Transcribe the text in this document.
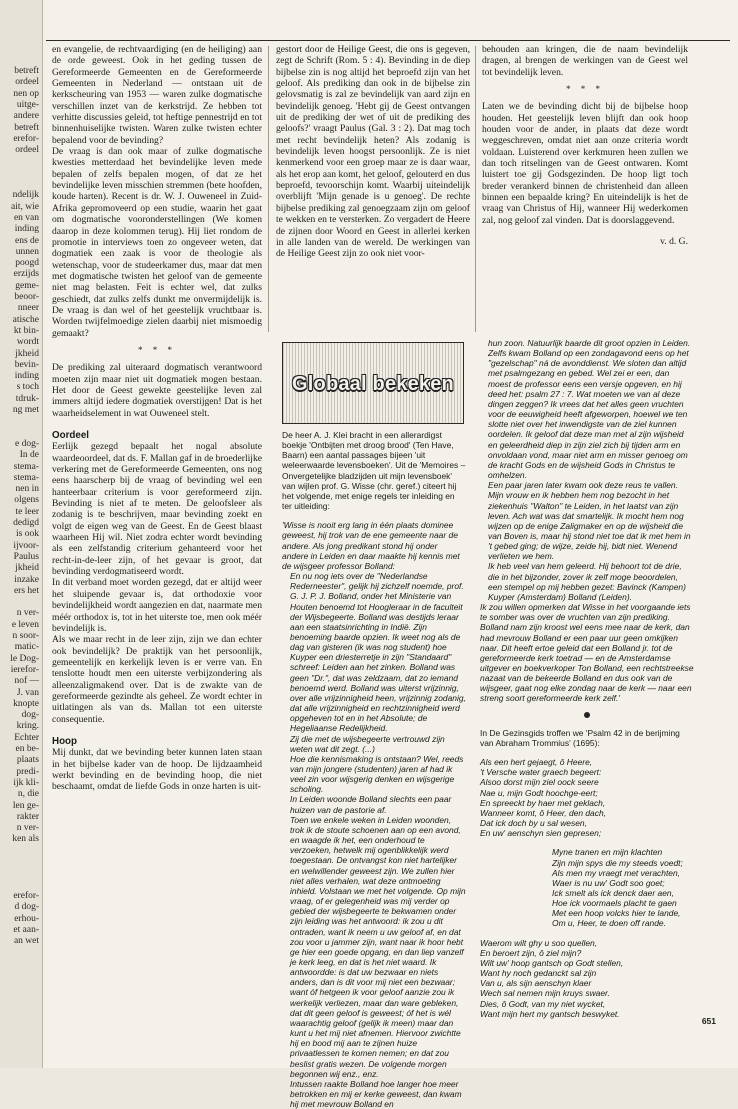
betreft
ordeel
nen op
uitge-
andere
betreft
erefor-
ordeel
ndelijk
ait, wie
en van
inding
ens de
unnen
poogd
erzijds
geme-
beoor-
nneer
atische
kt bin-
wordt
jkheid
bevin-
inding
s toch
tdruk-
ng met
e dog-
In de
stema-
stema-
nen in
olgens
te leer
dedigd
is ook
ijvoor-
Paulus
jkheid
inzake
ers het
n ver-
e leven
n soor-
matic-
le Dog-
ierefor-
nof —
J. van
knopte
dog-
kring.
Echter
en be-
plaats
predi-
ijk kli-
n, die
len ge-
rakter
n ver-
ken als
erefor-
d dog-
erhou-
et aan-
an wet

en evangelie, de rechtvaardiging (en de heiliging) aan de orde geweest. Ook in het geding tussen de Gereformeerde Gemeenten en de Gereformeerde Gemeenten in Nederland — ontstaan uit de kerkscheuring van 1953 — waren zulke dogmatische verschillen inzet van de kerkstrijd. Ze hebben tot verhitte discussies geleid, tot heftige pennestrijd en tot binnenhuiselijke twisten. Waren zulke twisten echter bepalend voor de bevinding?

De vraag is dan ook maar of zulke dogmatische kwesties metterdaad het bevindelijke leven mede bepalen of zelfs bepalen mogen, of dat ze het bevindelijke leven misschien stremmen (bete hoofden, koude harten). Recent is dr. W. J. Ouweneel in Zuid-Afrika gepromoveerd op een studie, waarin het gaat om dogmatische vooronderstellingen (We komen daarop in deze kolommen terug). Hij liet rondom de promotie in interviews toen zo ongeveer weten, dat dogmatiek een zaak is voor de theologie als wetenschap, voor de studeerkamer dus, maar dat men met dogmatische twisten het geloof van de gemeente niet mag belasten. Feit is echter wel, dat zulks geschiedt, dat zulks zelfs dunkt me onvermijdelijk is. De vraag is dan wel of het geestelijk vruchtbaar is. Worden twijfelmoedige zielen daarbij niet mismoedig gemaakt?

* * *

De prediking zal uiteraard dogmatisch verantwoord moeten zijn maar niet uit dogmatiek mogen bestaan. Het door de Geest gewekte geestelijke leven zal immers altijd iedere dogmatiek overstijgen! Dat is het waarheidselement in wat Ouweneel stelt.

Oordeel

Eerlijk gezegd bepaalt het nogal absolute waardeoordeel, dat ds. F. Mallan gaf in de broederlijke verkering met de Gereformeerde Gemeenten, ons nog eens haarscherp bij de vraag of bevinding wel een hanteerbaar criterium is voor gereformeerd zijn. Bevinding is niet af te meten. De geloofsleer als zodanig is te beschrijven, maar bevinding zoekt en volgt de eigen weg van de Geest. En de Geest blaast waarheen Hij wil. Niet zodra echter wordt bevinding als een zelfstandig criterium gehanteerd voor het recht-in-de-leer zijn, of het gevaar is groot, dat bevinding verdogmatiseerd wordt.

In dit verband moet worden gezegd, dat er altijd weer het sluipende gevaar is, dat orthodoxie voor bevindelijkheid wordt aangezien en dat, naarmate men méér orthodox is, tot in het uiterste toe, men ook méér bevindelijk is.

Als we maar recht in de leer zijn, zijn we dan echter ook bevindelijk? De praktijk van het persoonlijk, gemeentelijk en kerkelijk leven is er verre van. En tenslotte houdt men een uiterste verbijzondering als alleenzaligmakend over. Dat is de zwakte van de gereformeerde gezindte als geheel. Ze wordt echter in uitlatingen als van ds. Mallan tot een uiterste consequentie.

Hoop

Mij dunkt, dat we bevinding beter kunnen laten staan in het bijbelse kader van de hoop. De lijdzaamheid werkt bevinding en de bevinding hoop, die niet beschaamt, omdat de liefde Gods in onze harten is uit-

gestort door de Heilige Geest, die ons is gegeven, zegt de Schrift (Rom. 5 : 4). Bevinding in de diep bijbelse zin is nog altijd het beproefd zijn van het geloof. Als prediking dan ook in de bijbelse zin gelovsmatig is zal ze bevindelijk van aard zijn en bevindelijk genoeg. 'Hebt gij de Geest ontvangen uit de prediking der wet of uit de prediking des geloofs?' vraagt Paulus (Gal. 3 : 2). Dat mag toch met recht bevindelijk heten? Als zodanig is bevindelijk leven hoogst persoonlijk. Ze is niet kenmerkend voor een groep maar ze is daar waar, als het erop aan komt, het geloof, gelouterd en dus beproefd, tevoorschijn komt. Waarbij uiteindelijk overblijft 'Mijn genade is u genoeg'. De rechte bijbelse prediking zal genoegzaam zijn om geloof te wekken en te versterken. Zo vergadert de Heere de zijnen door Woord en Geest in allerlei kerken in alle landen van de wereld. De werkingen van de Heilige Geest zijn zo ook niet voor-

behouden aan kringen, die de naam bevindelijk dragen, al brengen de werkingen van de Geest wel tot bevindelijk leven.

* * *

Laten we de bevinding dicht bij de bijbelse hoop houden. Het geestelijk leven blijft dan ook hoop houden voor de ander, in plaats dat deze wordt weggeschreven, omdat niet aan onze criteria wordt voldaan. Luisterend over kerkmuren heen zullen we dan toch ritselingen van de Geest ontwaren. Komt luistert toe gij Godsgezinden. De hoop ligt toch breder verankerd binnen de christenheid dan alleen binnen een bepaalde kring? En uiteindelijk is het de vraag van Christus of Hij, wanneer Hij wederkomen zal, nog geloof zal vinden. Dat is doorslaggevend.

v. d. G.
Globaal bekeken

De heer A. J. Klei bracht in een allerardigst boekje 'Ontbijten met droog brood' (Ten Have, Baarn) een aantal passages bijeen 'uit weleerwaarde levensboeken'. Uit de 'Memoires – Onvergetelijke bladzijden uit mijn levensboek' van wijlen prof. G. Wisse (chr. geref.) citeert hij het volgende, met enige regels ter inleiding en ter uitleiding:

'Wisse is nooit erg lang in één plaats dominee geweest, hij trok van de ene gemeente naar de andere. Als jong predikant stond hij onder andere in Leiden en daar maakte hij kennis met de wijsgeer professor Bolland:

En nu nog iets over de "Nederlandse Rederneester", gelijk hij zichzelf noemde, prof. G. J. P. J. Bolland, onder het Ministerie van Houten benoemd tot Hoogleraar in de faculteit der Wijsbegeerte. Bolland was destijds leraar aan een staatsinrichting in Indië. Zijn benoeming baarde opzien. Ik weet nog als de dag van gisteren (ik was nog student) hoe Kuyper een driesterretje in zijn "Standaard" schreef: Leiden aan het zinken. Bolland was geen "Dr.", dat was zeldzaam, dat zo iemand benoemd werd. Bolland was uiterst vrijzinnig, over alle vrijzinnigheid heen, vrijzinnig zodanig, dat alle vrijzinnigheid en rechtzinnigheid werd opgeheven tot en in het Absolute; de Hegeliaanse Redelijkheid.

Zij die met de wijsbegeerte vertrouwd zijn weten wat dit zegt. (...)

Hoe die kennismaking is ontstaan? Wel, reeds van mijn jongere (studenten) jaren af had ik veel zin voor wijsgerig denken en wijsgerige scholing.

In Leiden woonde Bolland slechts een paar huizen van de pastorie af.

Toen we enkele weken in Leiden woonden, trok ik de stoute schoenen aan op een avond, en waagde ik het, een onderhoud te verzoeken, hetwelk mij ogenblikkelijk werd toegestaan. De ontvangst kon niet hartelijker en welwillender geweest zijn. We zullen hier niet alles verhalen, wat deze ontmoeting inhield. Volstaan we met het volgende. Op mijn vraag, of er gelegenheid was mij verder op gebied der wijsbegeerte te bekwamen onder zijn leiding was het antwoord: ik zou u dit ontraden, want ik neem u uw geloof af, en dat zou voor u jammer zijn, want naar ik hoor hebt ge hier een goede opgang, en dan liep vanzelf je kerk leeg, en dat is het niet waard. Ik antwoordde: is dat uw bezwaar en niets anders, dan is dit voor mij niet een bezwaar; want óf hetgeen ik voor geloof aanzie zou ik werkelijk verliezen, maar dan ware gebleken, dat dit geen geloof is geweest; óf het is wél waarachtig geloof (gelijk ik meen) maar dan kunt u het mij niet afnemen. Hiervoor zwichtte hij en bood mij aan te zijnen huize privaatlessen te komen nemen; en dat zou beslist gratis wezen. De volgende morgen begonnen wij enz., enz.

Intussen raakte Bolland hoe langer hoe meer betrokken en mij er kerke geweest, dan kwam hij met mevrouw Bolland en

hun zoon. Natuurlijk baarde dit groot opzien in Leiden. Zelfs kwam Bolland op een zondagavond eens op het "gezelschap" ná de avonddienst. We sloten dan altijd met psalmgezang en gebed. Wel zei er een, dan moest de professor eens een versje opgeven, en hij deed het: psalm 27 : 7. Wat moeten we van al deze dingen zeggen? Ik vrees dat het alles geen vruchten voor de eeuwigheid heeft afgeworpen, hoewel we ten slotte niet over het inwendigste van de ziel kunnen oordelen. Ik geloof dat deze man met al zijn wijsheid en geleerdheid diep in zijn ziel zich bij tijden arm en onvoldaan vond, maar niet arm en misser genoeg om de kracht Gods en de wijsheid Gods in Christus te omhelzen.

Een paar jaren later kwam ook deze reus te vallen. Mijn vrouw en ik hebben hem nog bezocht in het ziekenhuis "Walton" te Leiden, in het laatst van zijn leven. Ach wat was dat smartelijk. Ik mocht hem nog wijzen op de enige Zaligmaker en op de wijsheid die van Boven is, maar hij stond niet toe dat ik met hem in 't gebed ging; de wijze, zeide hij, bidt niet. Wenend verlieten we hem.

Ik heb veel van hem geleerd. Hij behoort tot de drie, die in het bijzonder, zover ik zelf moge beoordelen, een stempel op mij hebben gezet: Bavinck (Kampen) Kuyper (Amsterdam) Bolland (Leiden).

Ik zou willen opmerken dat Wisse in het voorgaande iets te somber was over de vruchten van zijn prediking. Bolland nam zijn kroost wel eens mee naar de kerk, dan had mevrouw Bolland er een paar uur geen omkijken naar. Dit heeft ertoe geleid dat een Bolland jr. tot de gereformeerde kerk toetrad — en de Amsterdamse uitgever en boekverkoper Ton Bolland, een rechtstreekse nazaat van de bekeerde Bolland en dus ook van de wijsgeer, gaat nog elke zondag naar de kerk — naar een streng soort gereformeerde kerk zelf.'

In De Gezinsgids troffen we 'Psalm 42 in de berijming van Abraham Trommius' (1695):

Als een hert gejaegt, ô Heere,

't Versche water graech begeert:

Alsoo dorst mijn ziel oock seere

Nae u, mijn Godt hoochge-eert;

En spreeckt by haer met geklach,

Wanneer komt, ô Heer, den dach,

Dat ick doch by u sal wesen,

En uw' aenschyn sien gepresen;

Myne tranen en mijn klachten

Zijn mijn spys die my steeds voedt;

Als men my vraegt met verachten,

Waer is nu uw' Godt soo goet;

Ick smelt als ick denck daer aen,

Hoe ick voormaels placht te gaen

Met een hoop volcks hier te lande,

Om u, Heer, te doen off rande.

Waerom wilt ghy u soo quellen,

En beroert zijn, ô ziel mijn?

Wilt uw' hoop gantsch op Godt stellen,

Want hy noch gedanckt sal zijn

Van u, als sijn aenschyn klaer

Wech sal nemen mijn kruys swaer.

Dies, ô Godt, van my niet wycket,

Want mijn hert my gantsch beswyket.

651
